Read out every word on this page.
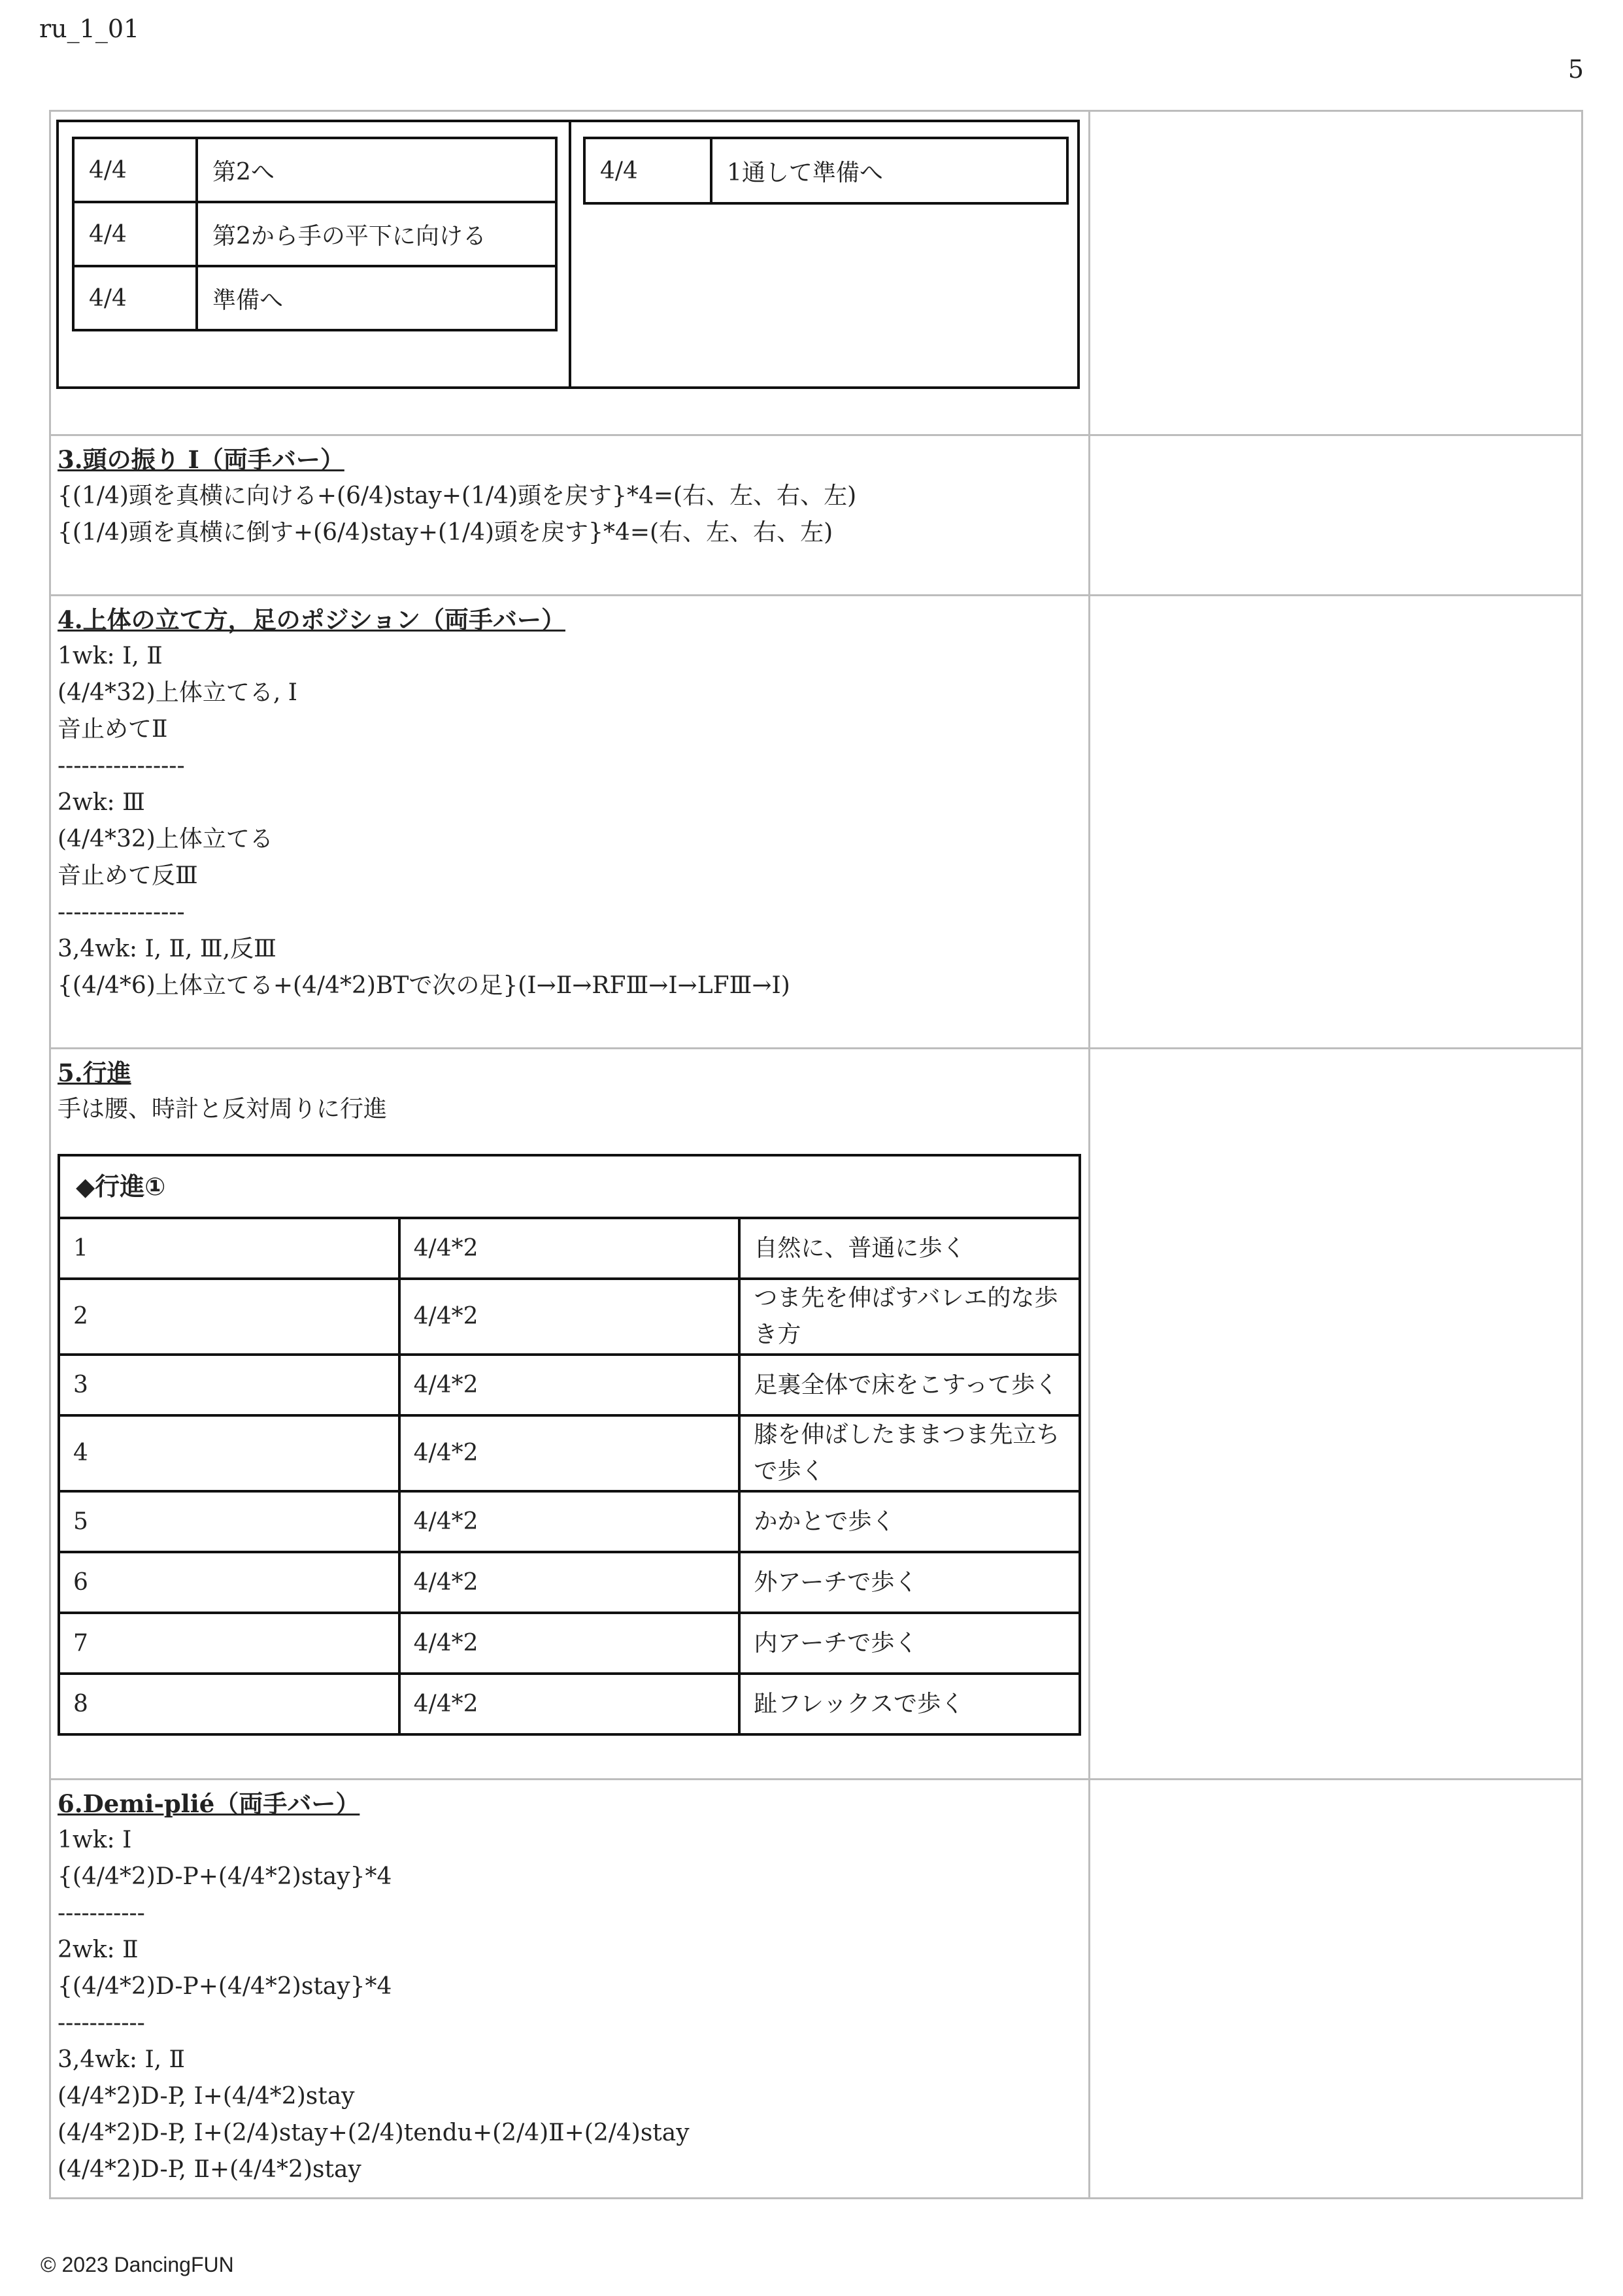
ru_1_01
5
4/4	第2へ
4/4	第2から手の平下に向ける
4/4	準備へ
4/4	1通して準備へ

3.頭の振り Ⅰ（両手バー）
{(1/4)頭を真横に向ける+(6/4)stay+(1/4)頭を戻す}*4=(右、左、右、左)
{(1/4)頭を真横に倒す+(6/4)stay+(1/4)頭を戻す}*4=(右、左、右、左)

4.上体の立て方，足のポジション（両手バー）
1wk: Ⅰ, Ⅱ
(4/4*32)上体立てる, Ⅰ
音止めてⅡ
----------------
2wk: Ⅲ
(4/4*32)上体立てる
音止めて反Ⅲ
----------------
3,4wk: Ⅰ, Ⅱ, Ⅲ,反Ⅲ
{(4/4*6)上体立てる+(4/4*2)BTで次の足}(Ⅰ→Ⅱ→RFⅢ→Ⅰ→LFⅢ→Ⅰ)

5.行進
手は腰、時計と反対周りに行進
◆行進①
1	4/4*2	自然に、普通に歩く
2	4/4*2	つま先を伸ばすバレエ的な歩き方
3	4/4*2	足裏全体で床をこすって歩く
4	4/4*2	膝を伸ばしたままつま先立ちで歩く
5	4/4*2	かかとで歩く
6	4/4*2	外アーチで歩く
7	4/4*2	内アーチで歩く
8	4/4*2	趾フレックスで歩く

6.Demi-plié（両手バー）
1wk: Ⅰ
{(4/4*2)D-P+(4/4*2)stay}*4
-----------
2wk: Ⅱ
{(4/4*2)D-P+(4/4*2)stay}*4
-----------
3,4wk: Ⅰ, Ⅱ
(4/4*2)D-P, Ⅰ+(4/4*2)stay
(4/4*2)D-P, Ⅰ+(2/4)stay+(2/4)tendu+(2/4)Ⅱ+(2/4)stay
(4/4*2)D-P, Ⅱ+(4/4*2)stay

© 2023 DancingFUN
